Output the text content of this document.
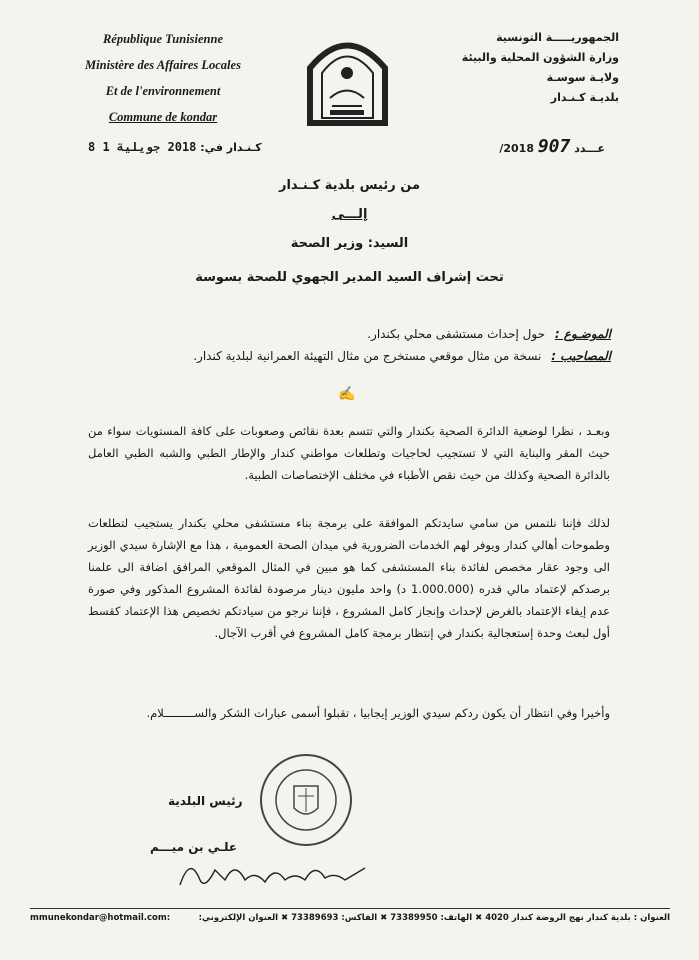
République Tunisienne
Ministère des Affaires Locales
Et de l'environnement
Commune de kondar
الجمهوريـــــة التونسية
وزارة الشؤون المحلية والبيئة
ولايـة سوسـة
بلديـة كـنـدار
كـنـدار في: 2018 جويلية 1 8	عـــدد 907 2018/
من رئيس بلدية كـنـدار
إلـــى
السيد: وزير الصحة
تحت إشراف السيد المدير الجهوي للصحة بسوسة
الموضـوع : حول إحداث مستشفى محلي بكندار.
المصاحيب : نسخة من مثال موقعي مستخرج من مثال التهيئة العمرانية لبلدية كندار.
✍
وبعـد ، نظرا لوضعية الدائرة الصحية بكندار والتي تتسم بعدة نقائص وصعوبات على كافة المستويات سواء من حيث المقر والبناية التي لا تستجيب لحاجيات وتطلعات مواطني كندار والإطار الطبي والشبه الطبي العامل بالدائرة الصحية وكذلك من حيث نقص الأطباء في مختلف الإختصاصات الطبية.
لذلك فإننا نلتمس من سامي سايدتكم الموافقة على برمجة بناء مستشفى محلي بكندار يستجيب لتطلعات وطموحات أهالي كندار ويوفر لهم الخدمات الضرورية في ميدان الصحة العمومية ، هذا مع الإشارة سيدي الوزير الى وجود عقار مخصص لفائدة بناء المستشفى كما هو مبين في المثال الموقعي المرافق اضافة الى علمنا برصدكم لإعتماد مالي قدره (1.000.000 د) واحد مليون دينار مرصودة لفائدة المشروع المذكور وفي صورة عدم إيفاء الإعتماد بالغرض لإحداث وإنجاز كامل المشروع ، فإننا نرجو من سيادتكم تخصيص هذا الإعتماد كقسط أول لبعث وحدة إستعجالية بكندار في إنتظار برمجة كامل المشروع في أقرب الآجال.
وأخيرا وفي انتظار أن يكون ردكم سيدي الوزير إيجابيا ، تقبلوا أسمى عبارات الشكر والســـــــــلام.
رئيس البلدية
علـي بن ميـــم
mmunekondar@hotmail.com:	العنوان : بلدية كندار نهج الروضة كندار 4020 ✖ الهاتف: 73389950 ✖ الفاكس: 73389693 ✖ العنوان الإلكتروني:
